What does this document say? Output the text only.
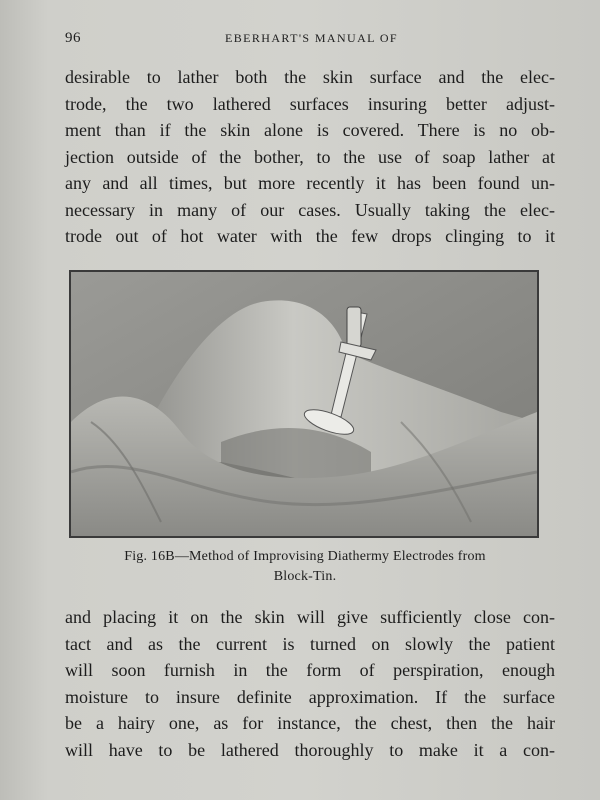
96	EBERHART'S MANUAL OF
desirable to lather both the skin surface and the elec-
trode, the two lathered surfaces insuring better adjust-
ment than if the skin alone is covered. There is no ob-
jection outside of the bother, to the use of soap lather at
any and all times, but more recently it has been found un-
necessary in many of our cases. Usually taking the elec-
trode out of hot water with the few drops clinging to it
Fig. 16B—Method of Improvising Diathermy Electrodes from
Block-Tin.
and placing it on the skin will give sufficiently close con-
tact and as the current is turned on slowly the patient
will soon furnish in the form of perspiration, enough
moisture to insure definite approximation. If the surface
be a hairy one, as for instance, the chest, then the hair
will have to be lathered thoroughly to make it a con-
